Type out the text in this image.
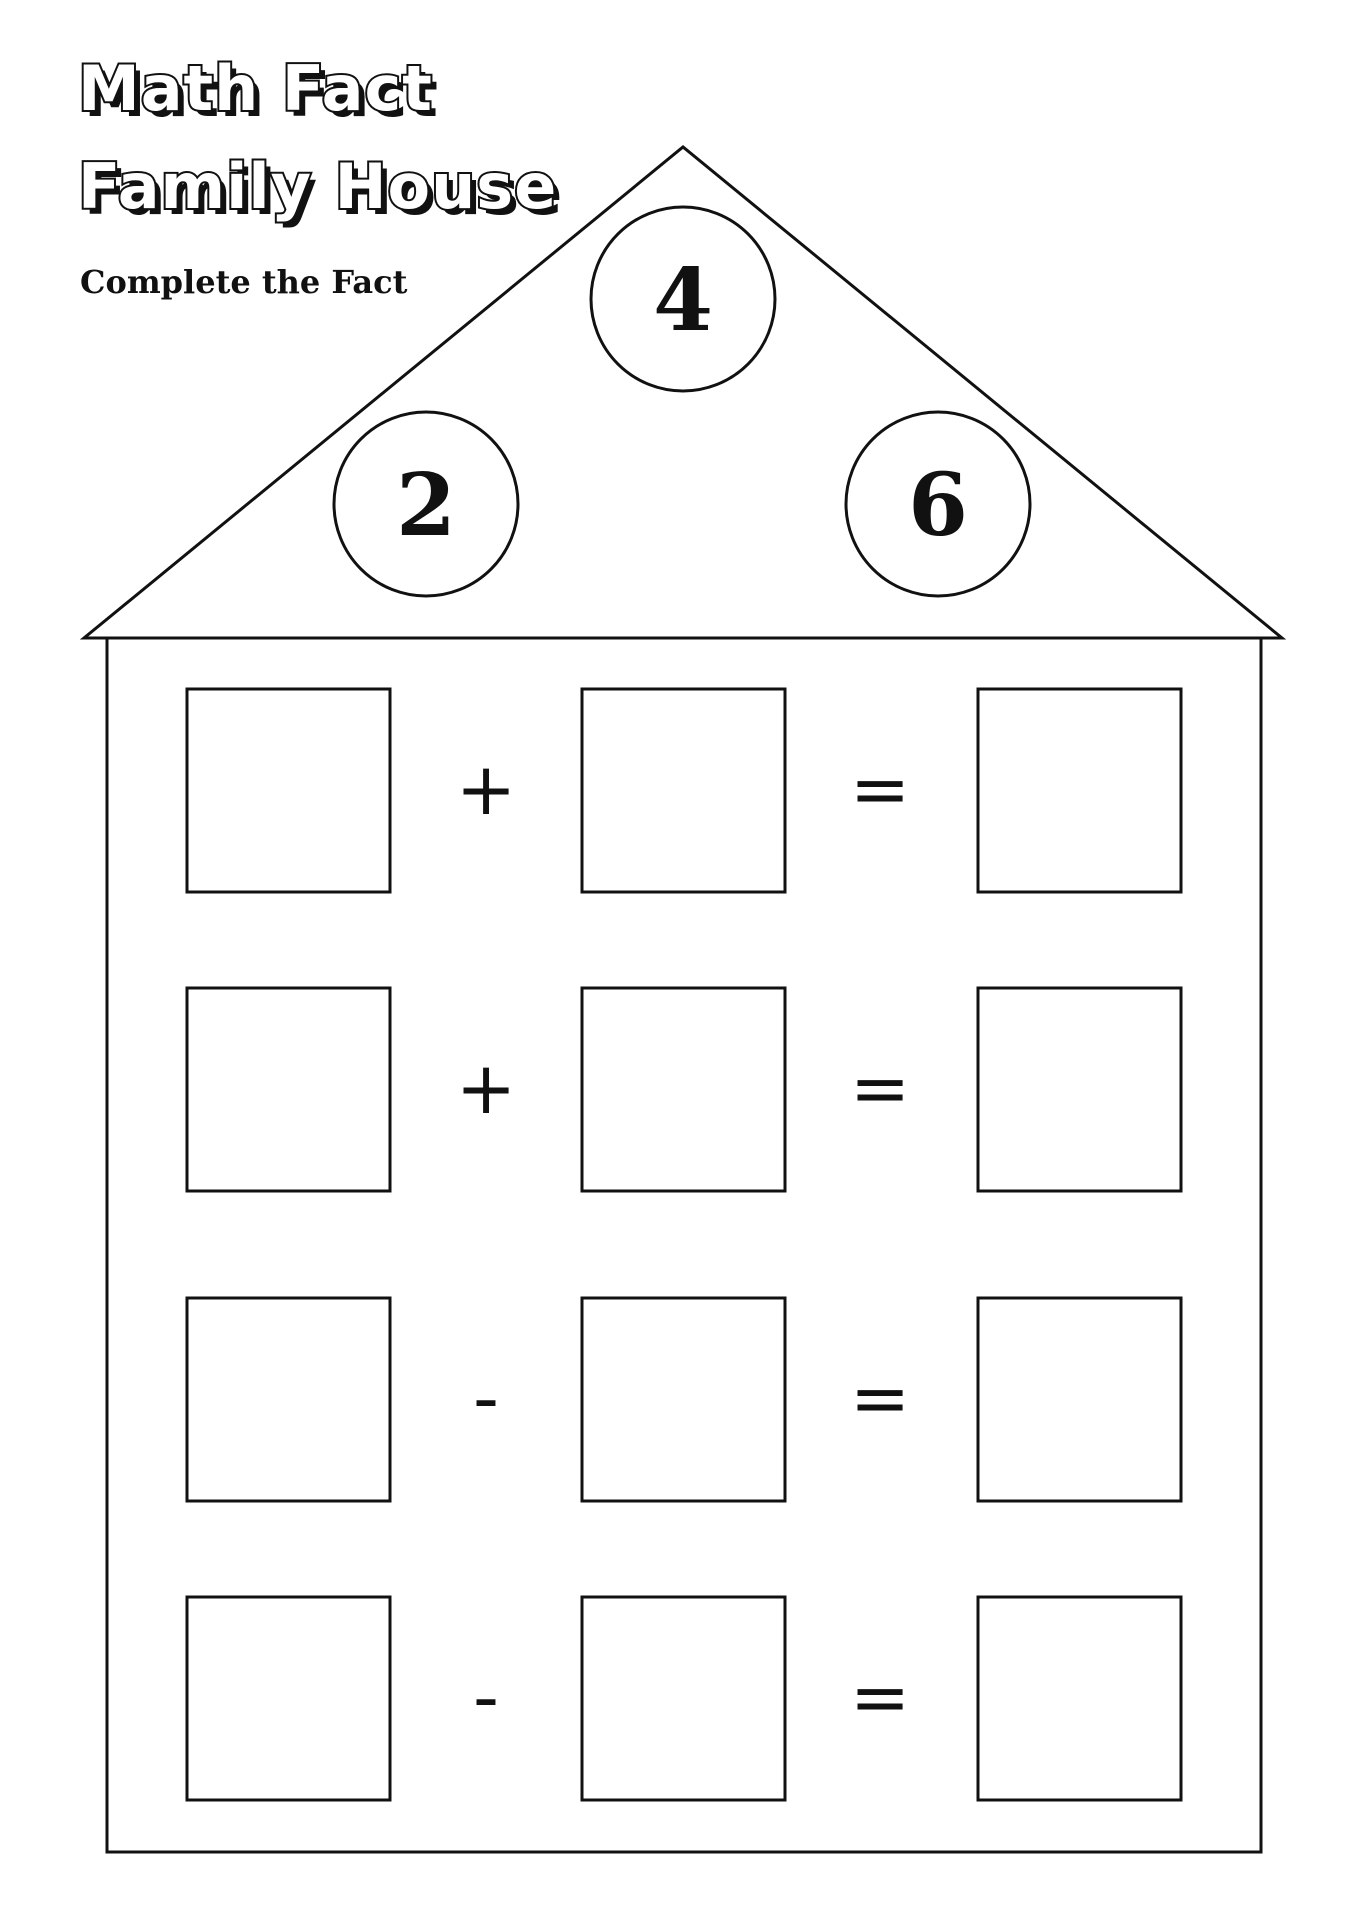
Math Fact
Family House
Complete the Fact	4
2	6
+	=
+	=
-	=
-	=
